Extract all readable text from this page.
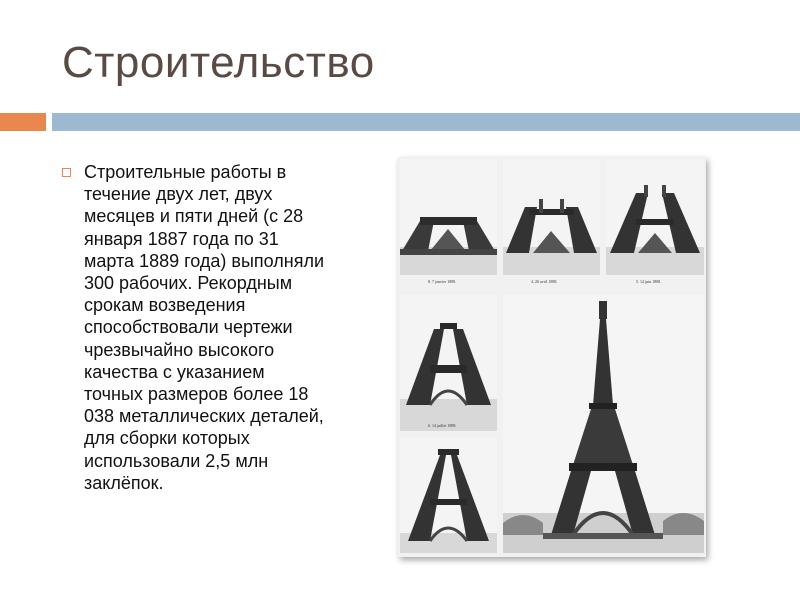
Строительство

Строительные работы в течение двух лет, двух месяцев и пяти дней (с 28 января 1887 года по 31 марта 1889 года) выполняли 300 рабочих. Рекордным срокам возведения способствовали чертежи чрезвычайно высокого качества с указанием точных размеров более 18 038 металлических деталей, для сборки которых использовали 2,5 млн заклёпок.

8. 7 janvier 1888.	4. 20 avril 1888.	5. 14 juin 1888.
6. 14 juillet 1888.
